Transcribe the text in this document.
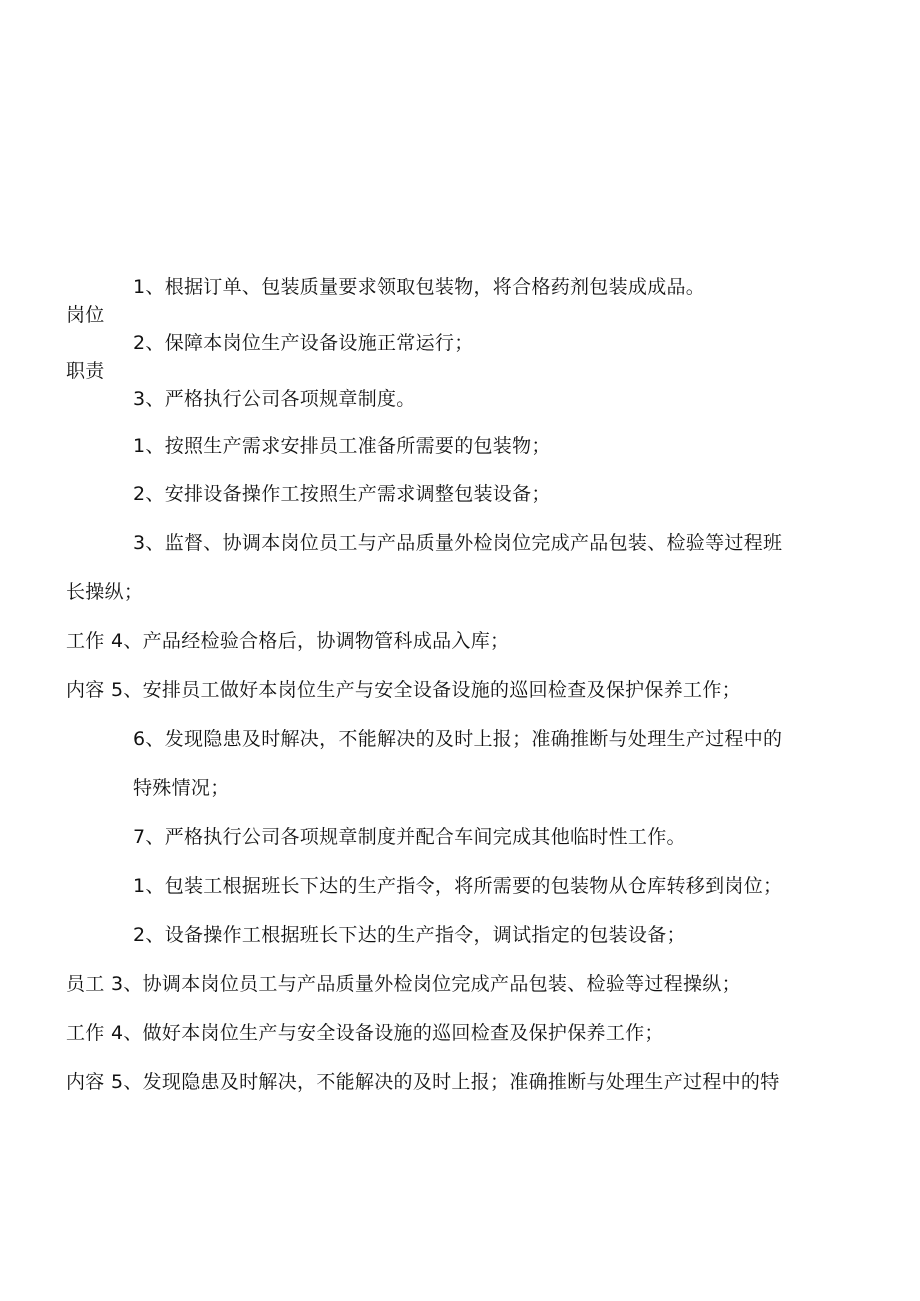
1、根据订单、包装质量要求领取包装物，将合格药剂包装成成品。
岗位
2、保障本岗位生产设备设施正常运行；
职责
3、严格执行公司各项规章制度。
1、按照生产需求安排员工准备所需要的包装物；
2、安排设备操作工按照生产需求调整包装设备；
3、监督、协调本岗位员工与产品质量外检岗位完成产品包装、检验等过程班
长操纵；
工作 4、产品经检验合格后，协调物管科成品入库；
内容 5、安排员工做好本岗位生产与安全设备设施的巡回检查及保护保养工作；
6、发现隐患及时解决，不能解决的及时上报；准确推断与处理生产过程中的
特殊情况；
7、严格执行公司各项规章制度并配合车间完成其他临时性工作。
1、包装工根据班长下达的生产指令，将所需要的包装物从仓库转移到岗位；
2、设备操作工根据班长下达的生产指令，调试指定的包装设备；
员工 3、协调本岗位员工与产品质量外检岗位完成产品包装、检验等过程操纵；
工作 4、做好本岗位生产与安全设备设施的巡回检查及保护保养工作；
内容 5、发现隐患及时解决，不能解决的及时上报；准确推断与处理生产过程中的特
